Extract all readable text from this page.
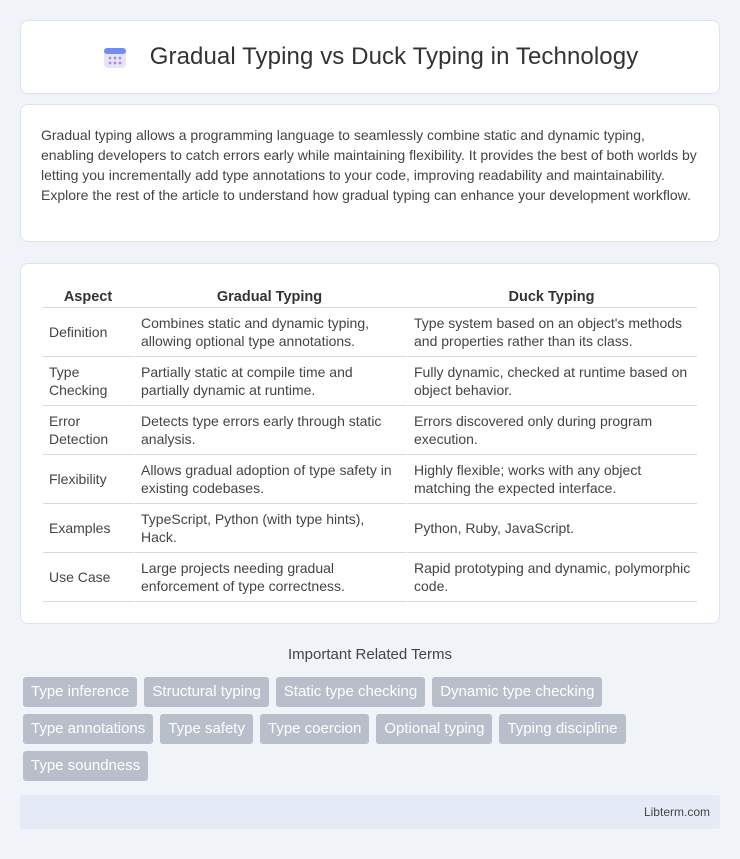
Gradual Typing vs Duck Typing in Technology

Gradual typing allows a programming language to seamlessly combine static and dynamic typing, enabling developers to catch errors early while maintaining flexibility. It provides the best of both worlds by letting you incrementally add type annotations to your code, improving readability and maintainability. Explore the rest of the article to understand how gradual typing can enhance your development workflow.

Aspect	Gradual Typing	Duck Typing
Definition	Combines static and dynamic typing, allowing optional type annotations.	Type system based on an object's methods and properties rather than its class.
Type Checking	Partially static at compile time and partially dynamic at runtime.	Fully dynamic, checked at runtime based on object behavior.
Error Detection	Detects type errors early through static analysis.	Errors discovered only during program execution.
Flexibility	Allows gradual adoption of type safety in existing codebases.	Highly flexible; works with any object matching the expected interface.
Examples	TypeScript, Python (with type hints), Hack.	Python, Ruby, JavaScript.
Use Case	Large projects needing gradual enforcement of type correctness.	Rapid prototyping and dynamic, polymorphic code.
Important Related Terms
Type inference	Structural typing	Static type checking	Dynamic type checking
Type annotations	Type safety	Type coercion	Optional typing	Typing discipline
Type soundness
Libterm.com
